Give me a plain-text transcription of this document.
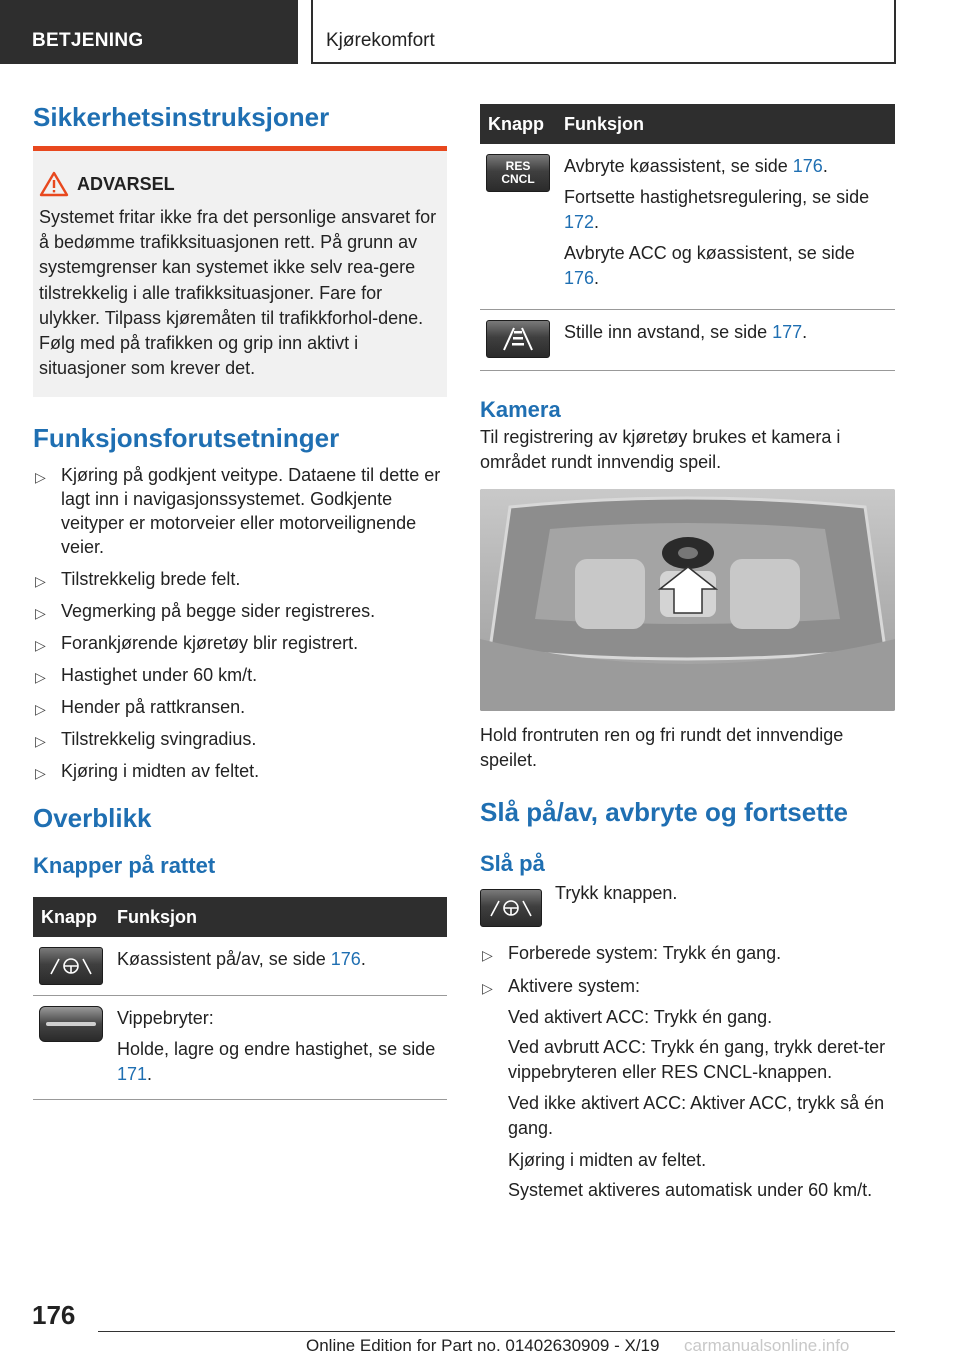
BETJENING	Kjørekomfort
Sikkerhetsinstruksjoner
ADVARSEL
Systemet fritar ikke fra det personlige ansvaret for å bedømme trafikksituasjonen rett. På grunn av systemgrenser kan systemet ikke selv rea-gere tilstrekkelig i alle trafikksituasjoner. Fare for ulykker. Tilpass kjøremåten til trafikkforhol-dene. Følg med på trafikken og grip inn aktivt i situasjoner som krever det.
Funksjonsforutsetninger
▷ Kjøring på godkjent veitype. Dataene til dette er lagt inn i navigasjonssystemet. Godkjente veityper er motorveier eller motorveilignende veier.
▷ Tilstrekkelig brede felt.
▷ Vegmerking på begge sider registreres.
▷ Forankjørende kjøretøy blir registrert.
▷ Hastighet under 60 km/t.
▷ Hender på rattkransen.
▷ Tilstrekkelig svingradius.
▷ Kjøring i midten av feltet.
Overblikk
Knapper på rattet
Knapp	Funksjon

	Køassistent på/av, se side 176.

	Vippebryter:
Holde, lagre og endre hastighet, se side 171.
Knapp	Funksjon

RES
CNCL	Avbryte køassistent, se side 176.
Fortsette hastighetsregulering, se side 172.
Avbryte ACC og køassistent, se side 176.

	Stille inn avstand, se side 177.
Kamera

Til registrering av kjøretøy brukes et kamera i området rundt innvendig speil.

Hold frontruten ren og fri rundt det innvendige speilet.

Slå på/av, avbryte og fortsette
Slå på
Trykk knappen.
▷ Forberede system: Trykk én gang.
▷ Aktivere system:
Ved aktivert ACC: Trykk én gang.
Ved avbrutt ACC: Trykk én gang, trykk deret-ter vippebryteren eller RES CNCL-knappen.
Ved ikke aktivert ACC: Aktiver ACC, trykk så én gang.
Kjøring i midten av feltet.
Systemet aktiveres automatisk under 60 km/t.
176
Online Edition for Part no. 01402630909 - X/19 carmanualsonline.info
